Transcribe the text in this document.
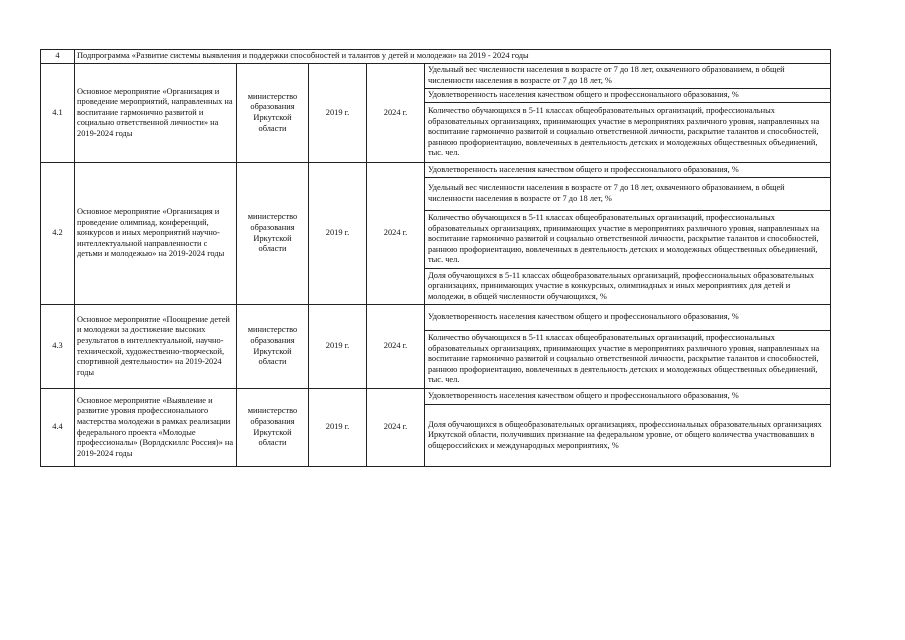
4	Подпрограмма «Развитие системы выявления и поддержки способностей и талантов у детей и молодежи» на 2019 - 2024 годы				
4.1	Основное мероприятие «Организация и проведение мероприятий, направленных на воспитание гармонично развитой и социально ответственной личности» на 2019-2024 годы	министерство образования Иркутской области	2019 г.	2024 г.	Удельный вес численности населения в возрасте от 7 до 18 лет, охваченного образованием, в общей численности населения в возрасте от 7 до 18 лет, %
					Удовлетворенность населения качеством общего и профессионального образования, %
					Количество обучающихся в 5-11 классах общеобразовательных организаций, профессиональных образовательных организациях, принимающих участие в мероприятиях различного уровня, направленных на воспитание гармонично развитой и социально ответственной личности, раскрытие талантов и способностей, раннюю профориентацию, вовлеченных в деятельность детских и молодежных общественных объединений, тыс. чел.
4.2	Основное мероприятие «Организация и проведение олимпиад, конференций, конкурсов и иных мероприятий научно-интеллектуальной направленности с детьми и молодежью» на 2019-2024 годы	министерство образования Иркутской области	2019 г.	2024 г.	Удовлетворенность населения качеством общего и профессионального образования, %
					Удельный вес численности населения в возрасте от 7 до 18 лет, охваченного образованием, в общей численности населения в возрасте от 7 до 18 лет, %
					Количество обучающихся в 5-11 классах общеобразовательных организаций, профессиональных образовательных организациях, принимающих участие в мероприятиях различного уровня, направленных на воспитание гармонично развитой и социально ответственной личности, раскрытие талантов и способностей, раннюю профориентацию, вовлеченных в деятельность детских и молодежных общественных объединений, тыс. чел.
					Доля обучающихся в 5-11 классах общеобразовательных организаций, профессиональных образовательных организациях, принимающих участие в конкурсных, олимпиадных и иных мероприятиях для детей и молодежи, в общей численности обучающихся, %
4.3	Основное мероприятие «Поощрение детей и молодежи за достижение высоких результатов в интеллектуальной, научно-технической, художественно-творческой, спортивной деятельности» на 2019-2024 годы	министерство образования Иркутской области	2019 г.	2024 г.	Удовлетворенность населения качеством общего и профессионального образования, %
					Количество обучающихся в 5-11 классах общеобразовательных организаций, профессиональных образовательных организациях, принимающих участие в мероприятиях различного уровня, направленных на воспитание гармонично развитой и социально ответственной личности, раскрытие талантов и способностей, раннюю профориентацию, вовлеченных в деятельность детских и молодежных общественных объединений, тыс. чел.
4.4	Основное мероприятие «Выявление и развитие уровня профессионального мастерства молодежи в рамках реализации федерального проекта «Молодые профессионалы» (Ворлдскиллс Россия)» на 2019-2024 годы	министерство образования Иркутской области	2019 г.	2024 г.	Удовлетворенность населения качеством общего и профессионального образования, %
					Доля обучающихся в общеобразовательных организациях, профессиональных образовательных организациях Иркутской области, получивших признание на федеральном уровне, от общего количества участвовавших в общероссийских и международных мероприятиях, %
